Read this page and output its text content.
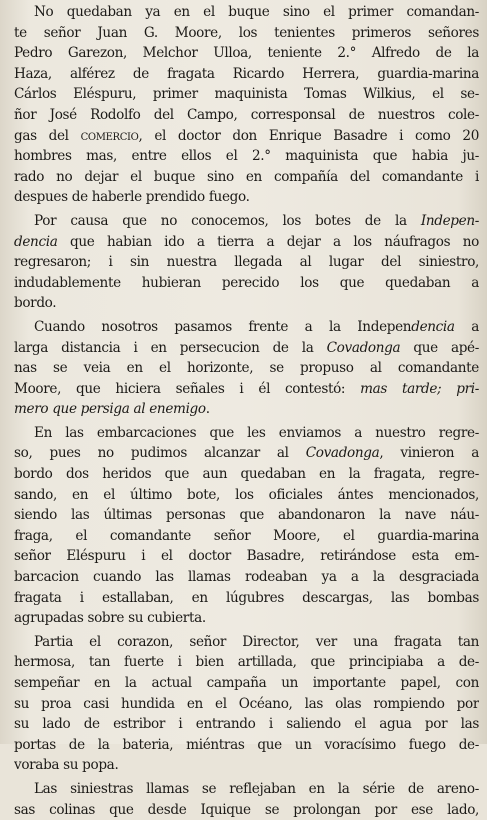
No quedaban ya en el buque sino el primer comandan-
te señor Juan G. Moore, los tenientes primeros señores
Pedro Garezon, Melchor Ulloa, teniente 2.° Alfredo de la
Haza, alférez de fragata Ricardo Herrera, guardia-marina
Cárlos Eléspuru, primer maquinista Tomas Wilkius, el se-
ñor José Rodolfo del Campo, corresponsal de nuestros cole-
gas del comercio, el doctor don Enrique Basadre i como 20
hombres mas, entre ellos el 2.° maquinista que habia ju-
rado no dejar el buque sino en compañía del comandante i
despues de haberle prendido fuego.
Por causa que no conocemos, los botes de la Indepen-
dencia que habian ido a tierra a dejar a los náufragos no
regresaron; i sin nuestra llegada al lugar del siniestro,
indudablemente hubieran perecido los que quedaban a
bordo.
Cuando nosotros pasamos frente a la Independencia a
larga distancia i en persecucion de la Covadonga que apé-
nas se veia en el horizonte, se propuso al comandante
Moore, que hiciera señales i él contestó: mas tarde; pri-
mero que persiga al enemigo.
En las embarcaciones que les enviamos a nuestro regre-
so, pues no pudimos alcanzar al Covadonga, vinieron a
bordo dos heridos que aun quedaban en la fragata, regre-
sando, en el último bote, los oficiales ántes mencionados,
siendo las últimas personas que abandonaron la nave náu-
fraga, el comandante señor Moore, el guardia-marina
señor Eléspuru i el doctor Basadre, retirándose esta em-
barcacion cuando las llamas rodeaban ya a la desgraciada
fragata i estallaban, en lúgubres descargas, las bombas
agrupadas sobre su cubierta.
Partia el corazon, señor Director, ver una fragata tan
hermosa, tan fuerte i bien artillada, que principiaba a de-
sempeñar en la actual campaña un importante papel, con
su proa casi hundida en el Océano, las olas rompiendo por
su lado de estribor i entrando i saliendo el agua por las
portas de la bateria, miéntras que un voracísimo fuego de-
voraba su popa.
Las siniestras llamas se reflejaban en la série de areno-
sas colinas que desde Iquique se prolongan por ese lado,
